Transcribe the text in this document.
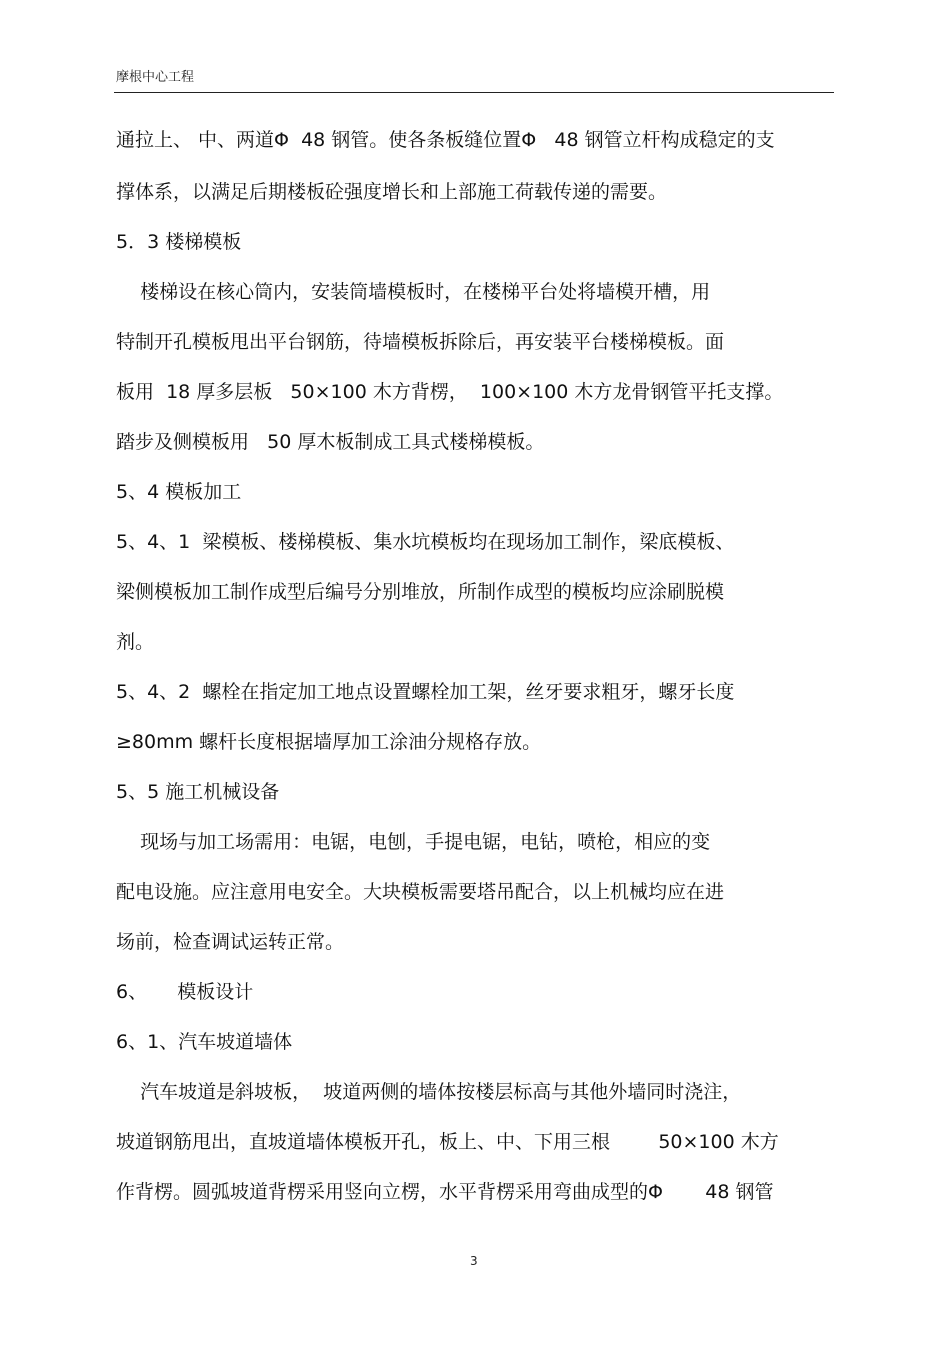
摩根中心工程
通拉上、 中、两道Φ  48 钢管。使各条板缝位置Φ   48 钢管立杆构成稳定的支
撑体系，以满足后期楼板砼强度增长和上部施工荷载传递的需要。
5．3 楼梯模板
楼梯设在核心筒内，安装筒墙模板时，在楼梯平台处将墙模开槽，用
特制开孔模板甩出平台钢筋，待墙模板拆除后，再安装平台楼梯模板。面
板用  18 厚多层板   50×100 木方背楞，  100×100 木方龙骨钢管平托支撑。
踏步及侧模板用   50 厚木板制成工具式楼梯模板。
5、4 模板加工
5、4、1  梁模板、楼梯模板、集水坑模板均在现场加工制作，梁底模板、
梁侧模板加工制作成型后编号分别堆放，所制作成型的模板均应涂刷脱模
剂。
5、4、2  螺栓在指定加工地点设置螺栓加工架，丝牙要求粗牙，螺牙长度
≥80mm 螺杆长度根据墙厚加工涂油分规格存放。
5、5 施工机械设备
现场与加工场需用：电锯，电刨，手提电锯，电钻，喷枪，相应的变
配电设施。应注意用电安全。大块模板需要塔吊配合，以上机械均应在进
场前，检查调试运转正常。
6、     模板设计
6、1、汽车坡道墙体
汽车坡道是斜坡板，  坡道两侧的墙体按楼层标高与其他外墙同时浇注，
坡道钢筋甩出，直坡道墙体模板开孔，板上、中、下用三根        50×100 木方
作背楞。圆弧坡道背楞采用竖向立楞，水平背楞采用弯曲成型的Φ       48 钢管
3
